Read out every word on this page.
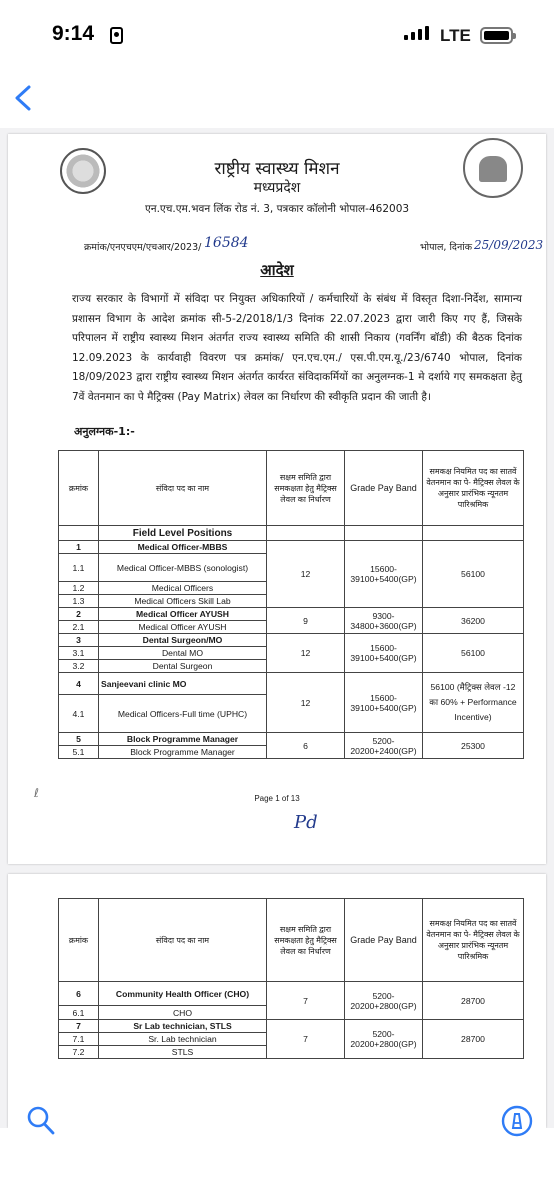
9:14	LTE
राष्ट्रीय स्वास्थ्य मिशन
मध्यप्रदेश
एन.एच.एम.भवन लिंक रोड नं. 3, पत्रकार कॉलोनी भोपाल-462003
क्रमांक/एनएचएम/एचआर/2023/ 16584	भोपाल, दिनांक 25/09/2023
आदेश
राज्य सरकार के विभागों में संविदा पर नियुक्त अधिकारियों / कर्मचारियों के संबंध में विस्तृत दिशा-निर्देश, सामान्य प्रशासन विभाग के आदेश क्रमांक सी-5-2/2018/1/3 दिनांक 22.07.2023 द्वारा जारी किए गए हैं, जिसके परिपालन में राष्ट्रीय स्वास्थ्य मिशन अंतर्गत राज्य स्वास्थ्य समिति की शासी निकाय (गवर्निंग बॉडी) की बैठक दिनांक 12.09.2023 के कार्यवाही विवरण पत्र क्रमांक/ एन.एच.एम./ एस.पी.एम.यू./23/6740 भोपाल, दिनांक 18/09/2023 द्वारा राष्ट्रीय स्वास्थ्य मिशन अंतर्गत कार्यरत संविदाकर्मियों का अनुलग्नक-1 मे दर्शाये गए समकक्षता हेतु 7वें वेतनमान का पे मैट्रिक्स (Pay Matrix) लेवल का निर्धारण की स्वीकृति प्रदान की जाती है।
अनुलग्नक-1:-
क्रमांक	संविदा पद का नाम	सक्षम समिति द्वारा समकक्षता हेतु मैट्रिक्स लेवल का निर्धारण	Grade Pay Band	समकक्ष नियमित पद का सातवें वेतनमान का पे- मैट्रिक्स लेवल के अनुसार प्रारंभिक न्यूनतम पारिश्रमिक
	Field Level Positions			
1	Medical Officer-MBBS	12	15600-39100+5400(GP)	56100
1.1	Medical Officer-MBBS (sonologist)			
1.2	Medical Officers			
1.3	Medical Officers Skill Lab			
2	Medical Officer AYUSH	9	9300-34800+3600(GP)	36200
2.1	Medical Officer AYUSH			
3	Dental Surgeon/MO	12	15600-39100+5400(GP)	56100
3.1	Dental MO			
3.2	Dental Surgeon			
4	Sanjeevani clinic MO	12	15600-39100+5400(GP)	56100 (मैट्रिक्स लेवल -12 का 60% + Performance Incentive)
4.1	Medical Officers-Full time (UPHC)			
5	Block Programme Manager	6	5200-20200+2400(GP)	25300
5.1	Block Programme Manager			
ℓ	Page 1 of 13
Pd
क्रमांक	संविदा पद का नाम	सक्षम समिति द्वारा समकक्षता हेतु मैट्रिक्स लेवल का निर्धारण	Grade Pay Band	समकक्ष नियमित पद का सातवें वेतनमान का पे- मैट्रिक्स लेवल के अनुसार प्रारंभिक न्यूनतम पारिश्रमिक
6	Community Health Officer (CHO)	7	5200-20200+2800(GP)	28700
6.1	CHO			
7	Sr Lab technician, STLS	7	5200-20200+2800(GP)	28700
7.1	Sr. Lab technician			
7.2	STLS			
